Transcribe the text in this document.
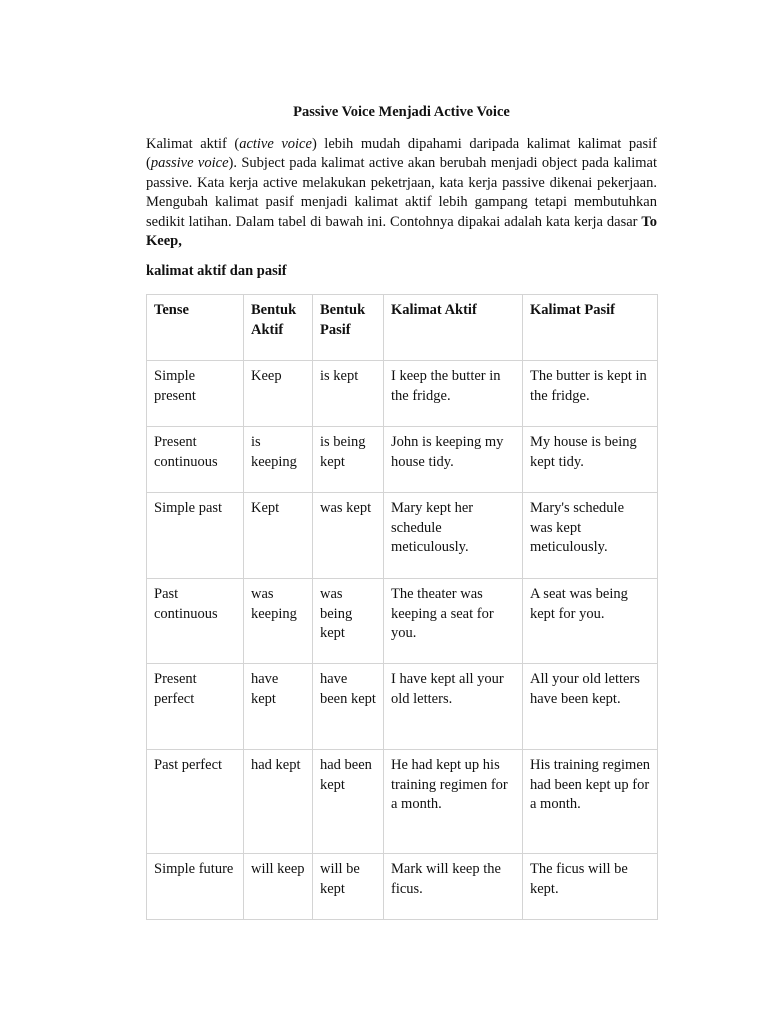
Passive Voice Menjadi Active Voice

Kalimat aktif (active voice) lebih mudah dipahami daripada kalimat kalimat pasif (passive voice). Subject pada kalimat active akan berubah menjadi object pada kalimat passive. Kata kerja active melakukan peketrjaan, kata kerja passive dikenai pekerjaan. Mengubah kalimat pasif menjadi kalimat aktif lebih gampang tetapi membutuhkan sedikit latihan. Dalam tabel di bawah ini. Contohnya dipakai adalah kata kerja dasar To Keep,

kalimat aktif dan pasif

Tense	Bentuk Aktif	Bentuk Pasif	Kalimat Aktif	Kalimat Pasif
Simple present	Keep	is kept	I keep the butter in the fridge.	The butter is kept in the fridge.
Present continuous	is keeping	is being kept	John is keeping my house tidy.	My house is being kept tidy.
Simple past	Kept	was kept	Mary kept her schedule meticulously.	Mary's schedule was kept meticulously.
Past continuous	was keeping	was being kept	The theater was keeping a seat for you.	A seat was being kept for you.
Present perfect	have kept	have been kept	I have kept all your old letters.	All your old letters have been kept.
Past perfect	had kept	had been kept	He had kept up his training regimen for a month.	His training regimen had been kept up for a month.
Simple future	will keep	will be kept	Mark will keep the ficus.	The ficus will be kept.
